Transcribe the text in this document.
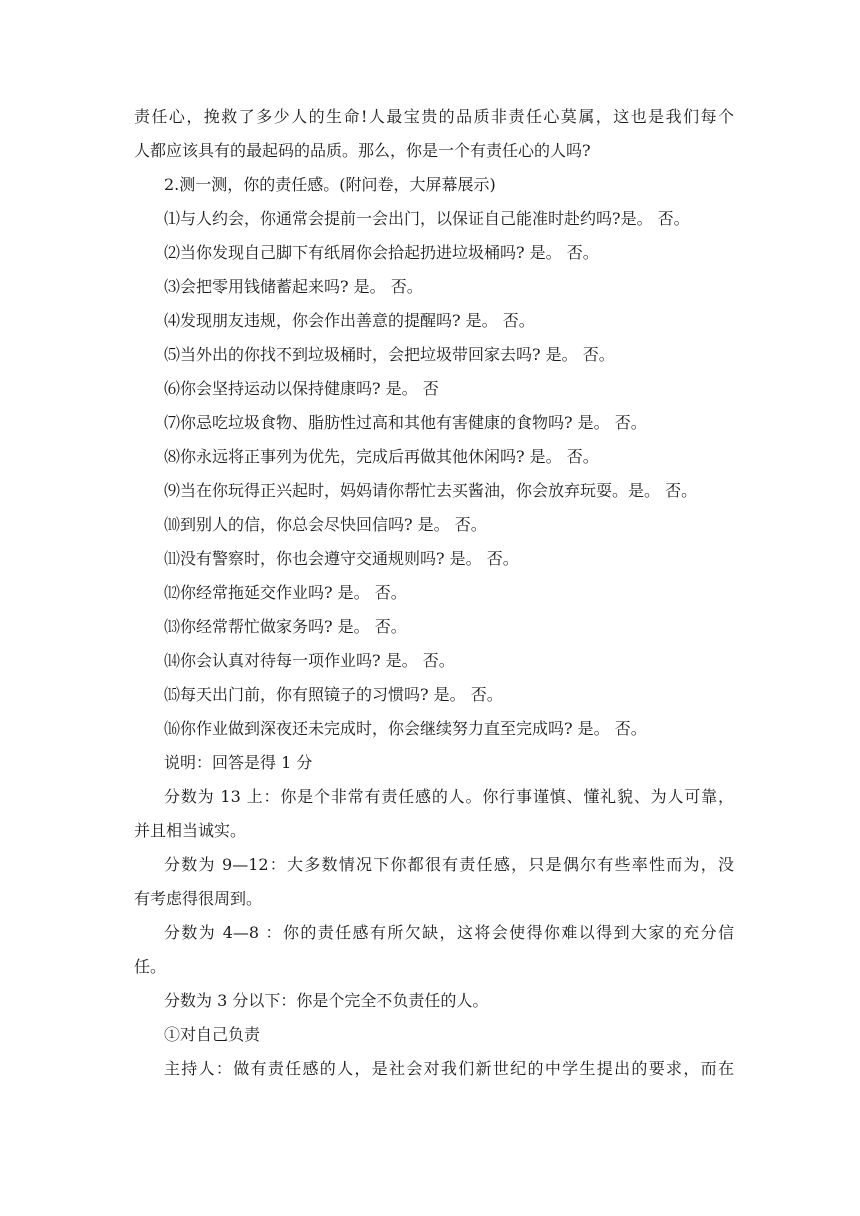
责任心，挽救了多少人的生命!人最宝贵的品质非责任心莫属，这也是我们每个

人都应该具有的最起码的品质。那么，你是一个有责任心的人吗?

2.测一测，你的责任感。(附问卷，大屏幕展示)

⑴与人约会，你通常会提前一会出门，以保证自己能准时赴约吗?是。 否。

⑵当你发现自己脚下有纸屑你会拾起扔进垃圾桶吗? 是。 否。

⑶会把零用钱储蓄起来吗? 是。 否。

⑷发现朋友违规，你会作出善意的提醒吗? 是。 否。

⑸当外出的你找不到垃圾桶时，会把垃圾带回家去吗? 是。 否。

⑹你会坚持运动以保持健康吗? 是。 否

⑺你忌吃垃圾食物、脂肪性过高和其他有害健康的食物吗? 是。 否。

⑻你永远将正事列为优先，完成后再做其他休闲吗? 是。 否。

⑼当在你玩得正兴起时，妈妈请你帮忙去买酱油，你会放弃玩耍。是。 否。

⑽到别人的信，你总会尽快回信吗? 是。 否。

⑾没有警察时，你也会遵守交通规则吗? 是。 否。

⑿你经常拖延交作业吗? 是。 否。

⒀你经常帮忙做家务吗? 是。 否。

⒁你会认真对待每一项作业吗? 是。 否。

⒂每天出门前，你有照镜子的习惯吗? 是。 否。

⒃你作业做到深夜还未完成时，你会继续努力直至完成吗? 是。 否。

说明：回答是得 1 分

分数为 13 上：你是个非常有责任感的人。你行事谨慎、懂礼貌、为人可靠，

并且相当诚实。

分数为 9—12：大多数情况下你都很有责任感，只是偶尔有些率性而为，没

有考虑得很周到。

分数为 4—8 ：你的责任感有所欠缺，这将会使得你难以得到大家的充分信

任。

分数为 3 分以下：你是个完全不负责任的人。

①对自己负责

主持人：做有责任感的人，是社会对我们新世纪的中学生提出的要求，而在
